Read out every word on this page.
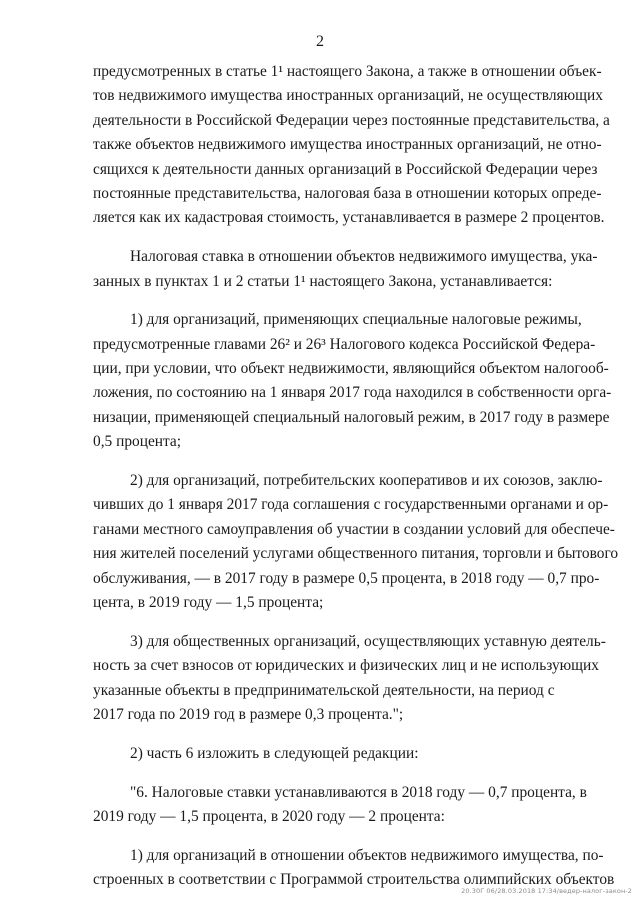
2

предусмотренных в статье 1¹ настоящего Закона, а также в отношении объек-
тов недвижимого имущества иностранных организаций, не осуществляющих
деятельности в Российской Федерации через постоянные представительства, а
также объектов недвижимого имущества иностранных организаций, не отно-
сящихся к деятельности данных организаций в Российской Федерации через
постоянные представительства, налоговая база в отношении которых опреде-
ляется как их кадастровая стоимость, устанавливается в размере 2 процентов.

Налоговая ставка в отношении объектов недвижимого имущества, ука-
занных в пунктах 1 и 2 статьи 1¹ настоящего Закона, устанавливается:

1) для организаций, применяющих специальные налоговые режимы,
предусмотренные главами 26² и 26³ Налогового кодекса Российской Федера-
ции, при условии, что объект недвижимости, являющийся объектом налогооб-
ложения, по состоянию на 1 января 2017 года находился в собственности орга-
низации, применяющей специальный налоговый режим, в 2017 году в размере
0,5 процента;

2) для организаций, потребительских кооперативов и их союзов, заклю-
чивших до 1 января 2017 года соглашения с государственными органами и ор-
ганами местного самоуправления об участии в создании условий для обеспече-
ния жителей поселений услугами общественного питания, торговли и бытового
обслуживания, — в 2017 году в размере 0,5 процента, в 2018 году — 0,7 про-
цента, в 2019 году — 1,5 процента;

3) для общественных организаций, осуществляющих уставную деятель-
ность за счет взносов от юридических и физических лиц и не использующих
указанные объекты в предпринимательской деятельности, на период с
2017 года по 2019 год в размере 0,3 процента.";

2) часть 6 изложить в следующей редакции:

"6. Налоговые ставки устанавливаются в 2018 году — 0,7 процента, в
2019 году — 1,5 процента, в 2020 году — 2 процента:

1) для организаций в отношении объектов недвижимого имущества, по-
строенных в соответствии с Программой строительства олимпийских объектов

20.30Г 06/28.03.2018 17:34/ведер-налог-закон-2
